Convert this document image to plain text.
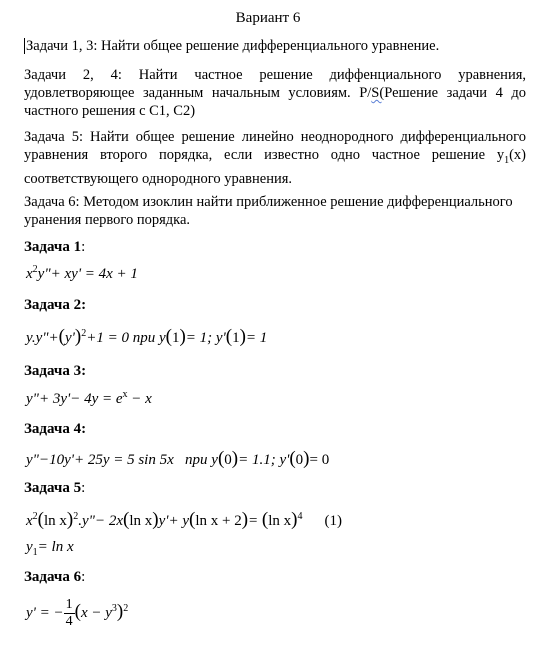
Вариант 6
Задачи 1, 3: Найти общее решение дифференциального уравнение.
Задачи 2, 4: Найти частное решение диффенциального уравнения, удовлетворяющее заданным начальным условиям. P/S(Решение задачи 4 до частного решения с C1, C2)
Задача 5: Найти общее решение линейно неоднородного дифференциального уравнения второго порядка, если известно одно частное решение $y_1(x)$ соответствующего однородного уравнения.
Задача 6: Методом изоклин найти приближенное решение дифференциального уранения первого порядка.
Задача 1:
$x^2y"+ xy' = 4x + 1$
Задача 2:
$y.y"+(y')^2+1 = 0$ при y(1)= 1; y'(1)= 1
Задача 3:
y"+ $3y'- 4y = e^x - x$
Задача 4:
y"−10y'+ 25y = 5 sin 5x при y(0)= 1.1; y'(0)= 0
Задача 5:
$x^2(\ln$ x)$^2$.y"− 2x(ln x)y'+ y(ln x + 2)= (ln x)$^4$ (1)
$y_1= \ln x$
Задача 6:
y' = − $\frac{1}{4} (x - y^3)^2$
